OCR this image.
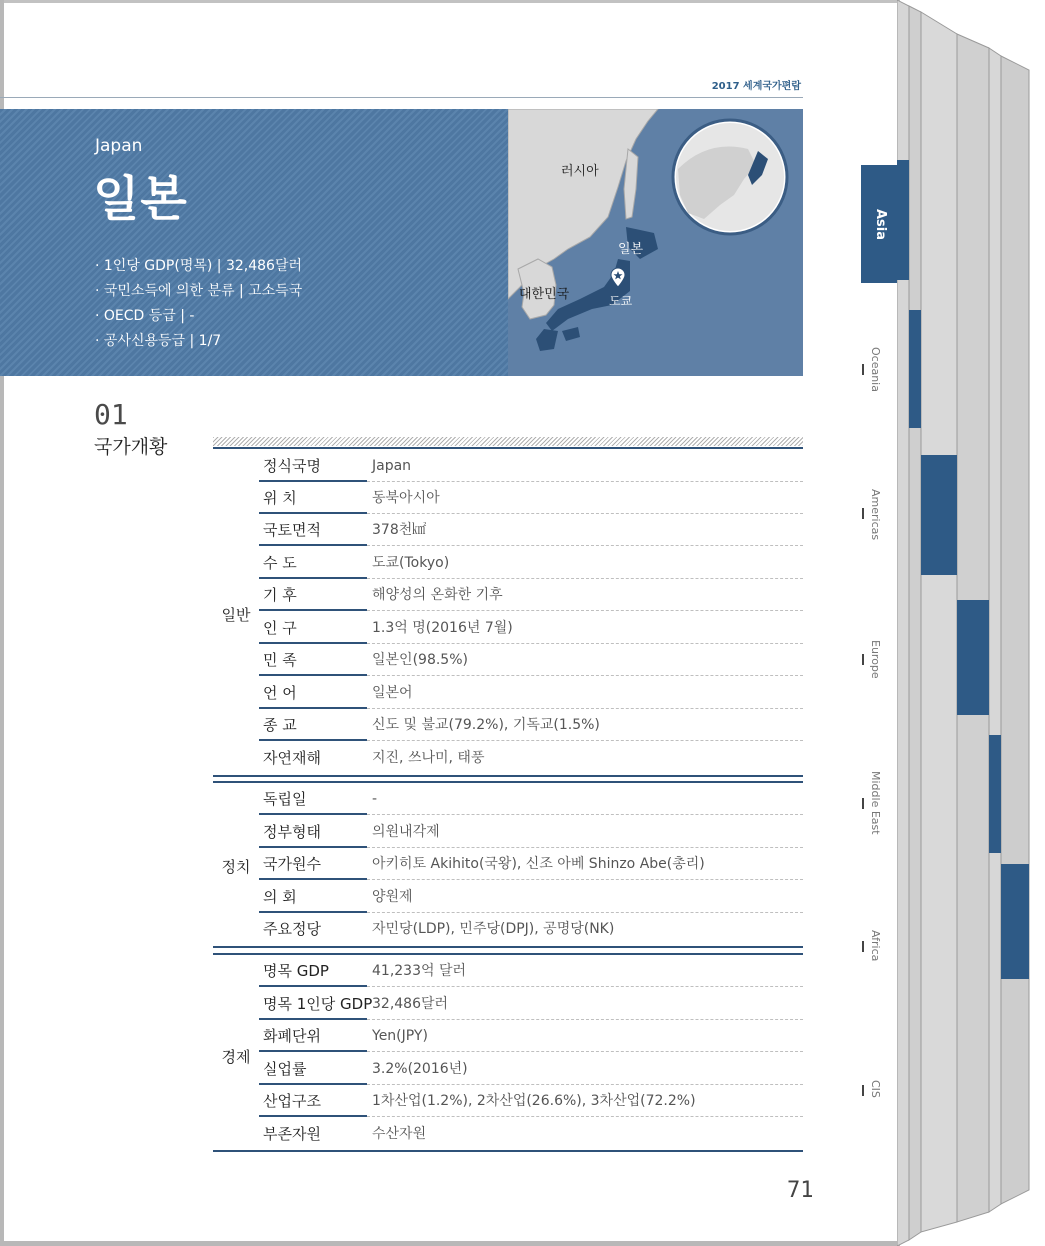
2017 세계국가편람
Japan
일본
· 1인당 GDP(명목) | 32,486달러
· 국민소득에 의한 분류 | 고소득국
· OECD 등급 | -
· 공사신용등급 | 1/7
러시아
일본
대한민국	도쿄
01
국가개황
일반
정식국명	Japan
위 치	동북아시아
국토면적	378천㎢
수 도	도쿄(Tokyo)
기 후	해양성의 온화한 기후
인 구	1.3억 명(2016년 7월)
민 족	일본인(98.5%)
언 어	일본어
종 교	신도 및 불교(79.2%), 기독교(1.5%)
자연재해	지진, 쓰나미, 태풍
정치
독립일	-
정부형태	의원내각제
국가원수	아키히토 Akihito(국왕), 신조 아베 Shinzo Abe(총리)
의 회	양원제
주요정당	자민당(LDP), 민주당(DPJ), 공명당(NK)
경제
명목 GDP	41,233억 달러
명목 1인당 GDP 32,486달러
화폐단위	Yen(JPY)
실업률	3.2%(2016년)
산업구조	1차산업(1.2%), 2차산업(26.6%), 3차산업(72.2%)
부존자원	수산자원
71
Asia
Oceania
Americas
Europe
Middle East
Africa
CIS
